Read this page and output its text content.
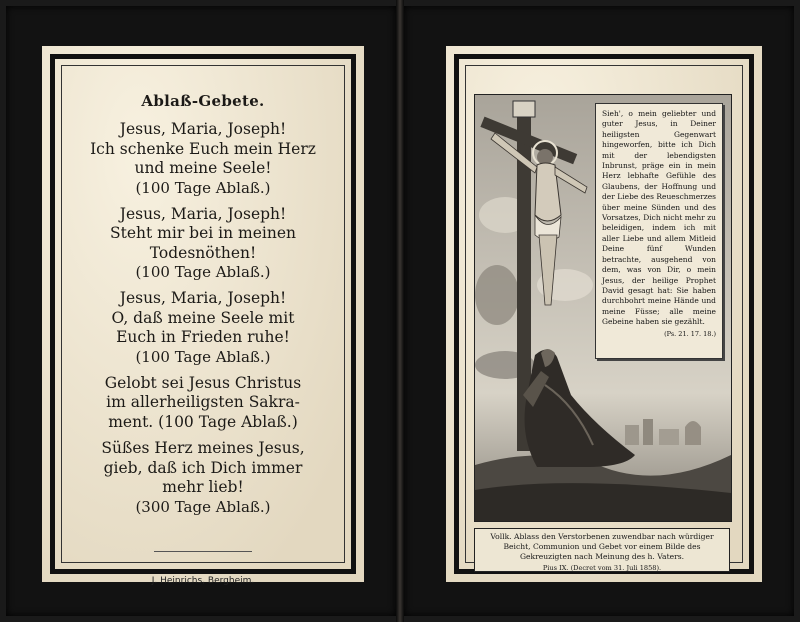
Ablaß-Gebete.
Jesus, Maria, Joseph!
Ich schenke Euch mein Herz
und meine Seele!
(100 Tage Ablaß.)
Jesus, Maria, Joseph!
Steht mir bei in meinen
Todesnöthen!
(100 Tage Ablaß.)
Jesus, Maria, Joseph!
O, daß meine Seele mit
Euch in Frieden ruhe!
(100 Tage Ablaß.)
Gelobt sei Jesus Christus
im allerheiligsten Sakra-
ment. (100 Tage Ablaß.)
Süßes Herz meines Jesus,
gieb, daß ich Dich immer
mehr lieb!
(300 Tage Ablaß.)
J. Heinrichs, Bergheim.
Sieh', o mein geliebter und guter Jesus, in Deiner heiligsten Gegenwart hingeworfen, bitte ich Dich mit der lebendigsten Inbrunst, präge ein in mein Herz lebhafte Gefühle des Glaubens, der Hoffnung und der Liebe des Reueschmerzes über meine Sünden und des Vorsatzes, Dich nicht mehr zu beleidigen, indem ich mit aller Liebe und allem Mitleid Deine fünf Wunden betrachte, ausgehend von dem, was von Dir, o mein Jesus, der heilige Prophet David gesagt hat: Sie haben durchbohrt meine Hände und meine Füsse; alle meine Gebeine haben sie gezählt.
(Ps. 21. 17. 18.)
Vollk. Ablass den Verstorbenen zuwendbar nach würdiger Beicht, Communion und Gebet vor einem Bilde des Gekreuzigten nach Meinung des h. Vaters.
Pius IX. (Decret vom 31. Juli 1858).
